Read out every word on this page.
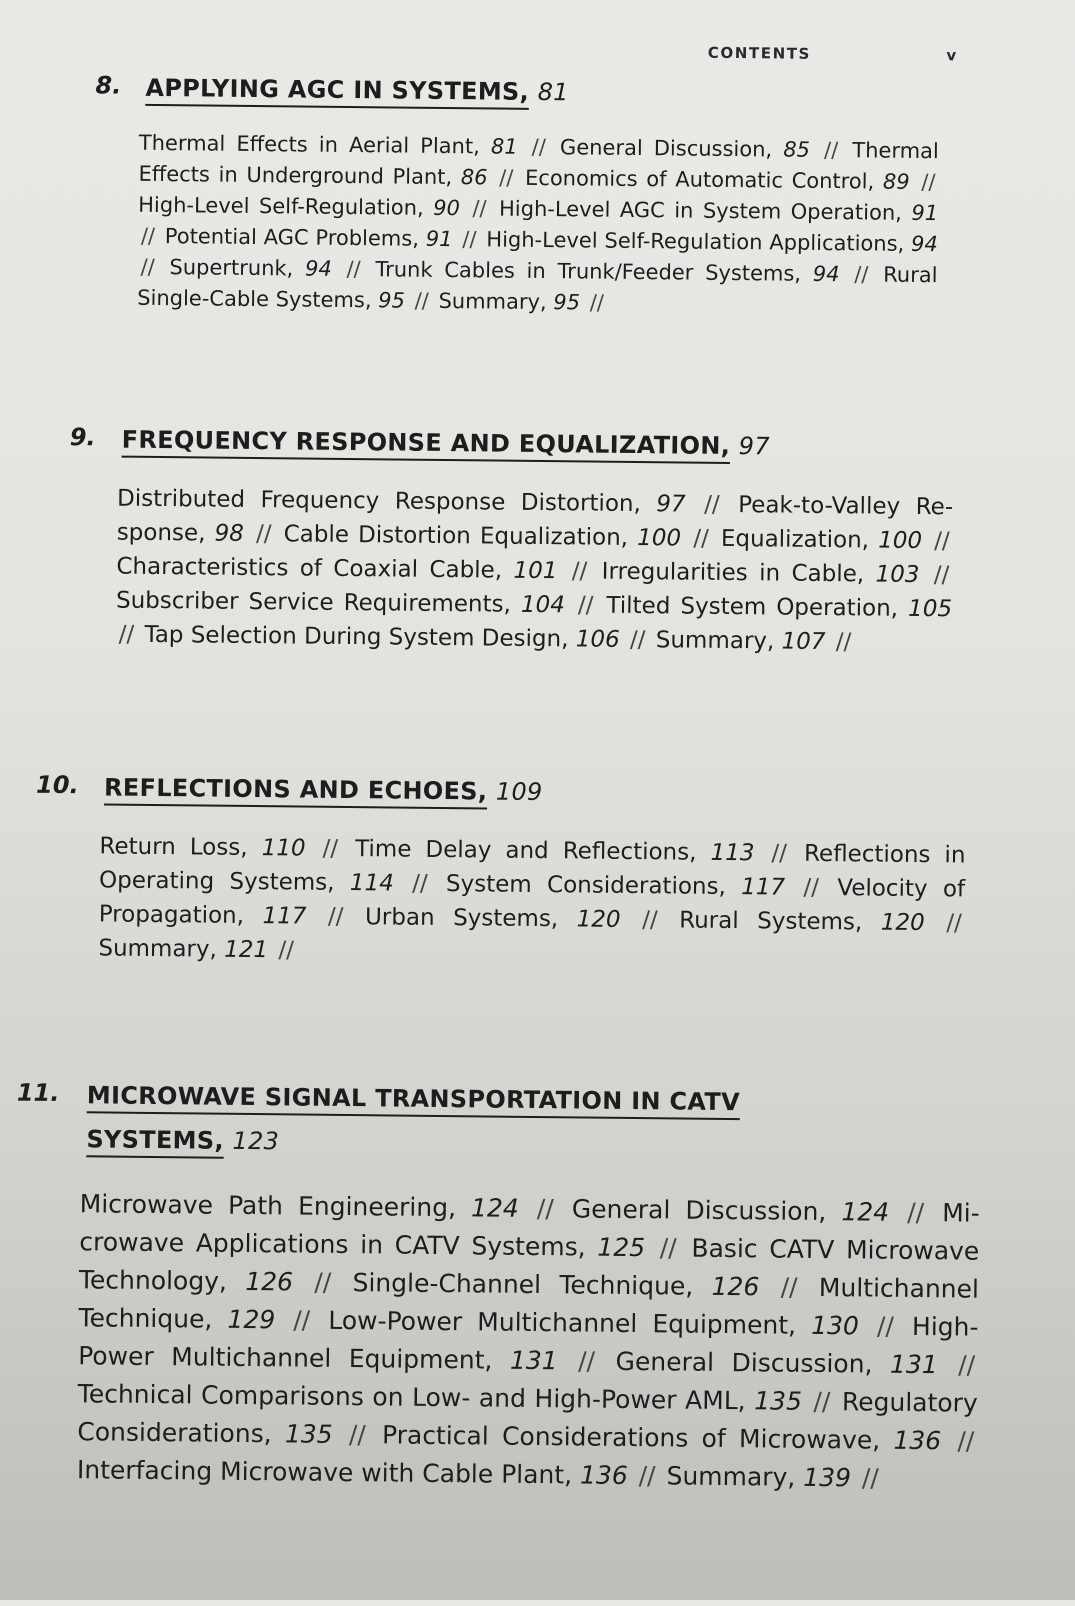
CONTENTS	v
8. APPLYING AGC IN SYSTEMS, 81
Thermal Effects in Aerial Plant, 81 // General Discussion, 85 // Thermal Effects in Underground Plant, 86 // Economics of Automatic Control, 89 // High-Level Self-Regulation, 90 // High-Level AGC in System Operation, 91 // Potential AGC Problems, 91 // High-Level Self-Regulation Applications, 94 // Supertrunk, 94 // Trunk Cables in Trunk/Feeder Systems, 94 // Rural Single-Cable Systems, 95 // Summary, 95 //
9. FREQUENCY RESPONSE AND EQUALIZATION, 97
Distributed Frequency Response Distortion, 97 // Peak-to-Valley Response, 98 // Cable Distortion Equalization, 100 // Equalization, 100 // Characteristics of Coaxial Cable, 101 // Irregularities in Cable, 103 // Subscriber Service Requirements, 104 // Tilted System Operation, 105 // Tap Selection During System Design, 106 // Summary, 107 //
10. REFLECTIONS AND ECHOES, 109
Return Loss, 110 // Time Delay and Reflections, 113 // Reflections in Operating Systems, 114 // System Considerations, 117 // Velocity of Propagation, 117 // Urban Systems, 120 // Rural Systems, 120 // Summary, 121 //
11. MICROWAVE SIGNAL TRANSPORTATION IN CATV
SYSTEMS, 123
Microwave Path Engineering, 124 // General Discussion, 124 // Microwave Applications in CATV Systems, 125 // Basic CATV Microwave Technology, 126 // Single-Channel Technique, 126 // Multichannel Technique, 129 // Low-Power Multichannel Equipment, 130 // High-Power Multichannel Equipment, 131 // General Discussion, 131 // Technical Comparisons on Low- and High-Power AML, 135 // Regulatory Considerations, 135 // Practical Considerations of Microwave, 136 // Interfacing Microwave with Cable Plant, 136 // Summary, 139 //
